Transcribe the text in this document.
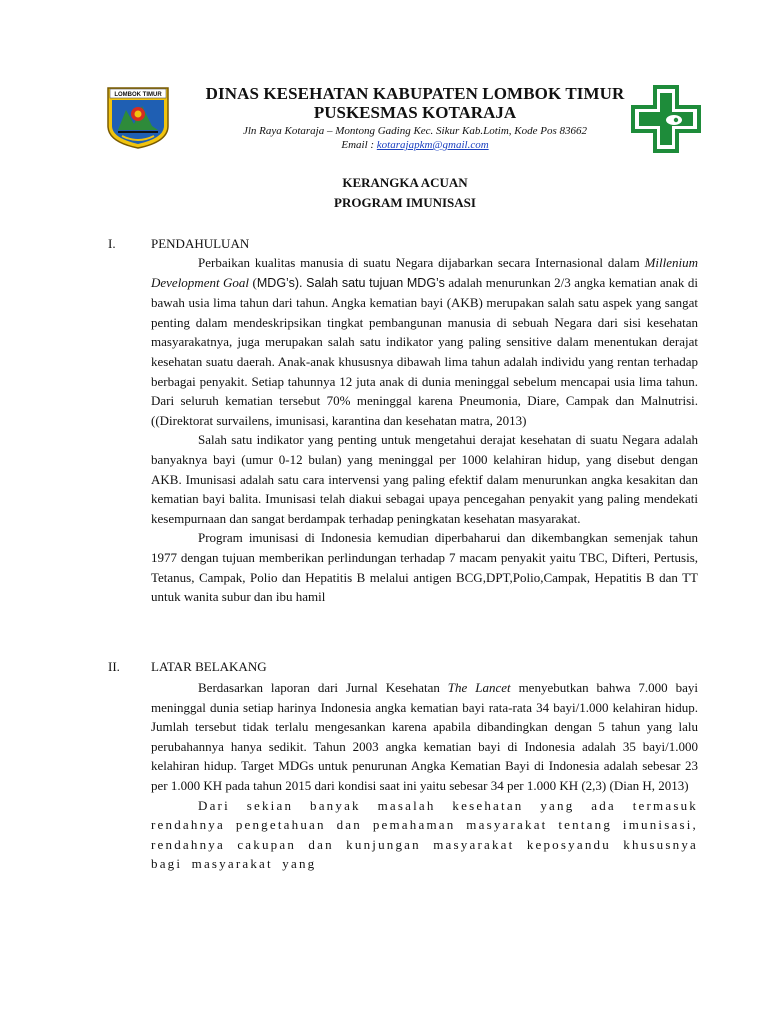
LOMBOK TIMUR	DINAS KESEHATAN KABUPATEN LOMBOK TIMUR
PUSKESMAS KOTARAJA
Jln Raya Kotaraja – Montong Gading Kec. Sikur Kab.Lotim, Kode Pos 83662
Email : kotarajapkm@gmail.com
KERANGKA ACUAN
PROGRAM IMUNISASI
I.	PENDAHULUAN

Perbaikan kualitas manusia di suatu Negara dijabarkan secara Internasional dalam Millenium Development Goal (MDG’s). Salah satu tujuan MDG’s adalah menurunkan 2/3 angka kematian anak di bawah usia lima tahun dari tahun. Angka kematian bayi (AKB) merupakan salah satu aspek yang sangat penting dalam mendeskripsikan tingkat pembangunan manusia di sebuah Negara dari sisi kesehatan masyarakatnya, juga merupakan salah satu indikator yang paling sensitive dalam menentukan derajat kesehatan suatu daerah. Anak-anak khususnya dibawah lima tahun adalah individu yang rentan terhadap berbagai penyakit. Setiap tahunnya 12 juta anak di dunia meninggal sebelum mencapai usia lima tahun. Dari seluruh kematian tersebut 70% meninggal karena Pneumonia, Diare, Campak dan Malnutrisi. ((Direktorat survailens, imunisasi, karantina dan kesehatan matra, 2013)

Salah satu indikator yang penting untuk mengetahui derajat kesehatan di suatu Negara adalah banyaknya bayi (umur 0-12 bulan) yang meninggal per 1000 kelahiran hidup, yang disebut dengan AKB. Imunisasi adalah satu cara intervensi yang paling efektif dalam menurunkan angka kesakitan dan kematian bayi balita. Imunisasi telah diakui sebagai upaya pencegahan penyakit yang paling mendekati kesempurnaan dan sangat berdampak terhadap peningkatan kesehatan masyarakat.

Program imunisasi di Indonesia kemudian diperbaharui dan dikembangkan semenjak tahun 1977 dengan tujuan memberikan perlindungan terhadap 7 macam penyakit yaitu TBC, Difteri, Pertusis, Tetanus, Campak, Polio dan Hepatitis B melalui antigen BCG,DPT,Polio,Campak, Hepatitis B dan TT untuk wanita subur dan ibu hamil

II. LATAR BELAKANG

Berdasarkan laporan dari Jurnal Kesehatan The Lancet menyebutkan bahwa 7.000 bayi meninggal dunia setiap harinya Indonesia angka kematian bayi rata-rata 34 bayi/1.000 kelahiran hidup. Jumlah tersebut tidak terlalu mengesankan karena apabila dibandingkan dengan 5 tahun yang lalu perubahannya hanya sedikit. Tahun 2003 angka kematian bayi di Indonesia adalah 35 bayi/1.000 kelahiran hidup. Target MDGs untuk penurunan Angka Kematian Bayi di Indonesia adalah sebesar 23 per 1.000 KH pada tahun 2015 dari kondisi saat ini yaitu sebesar 34 per 1.000 KH (2,3) (Dian H, 2013)

Dari sekian banyak masalah kesehatan yang ada termasuk rendahnya pengetahuan dan pemahaman masyarakat tentang imunisasi, rendahnya cakupan dan kunjungan masyarakat keposyandu khususnya bagi masyarakat yang
